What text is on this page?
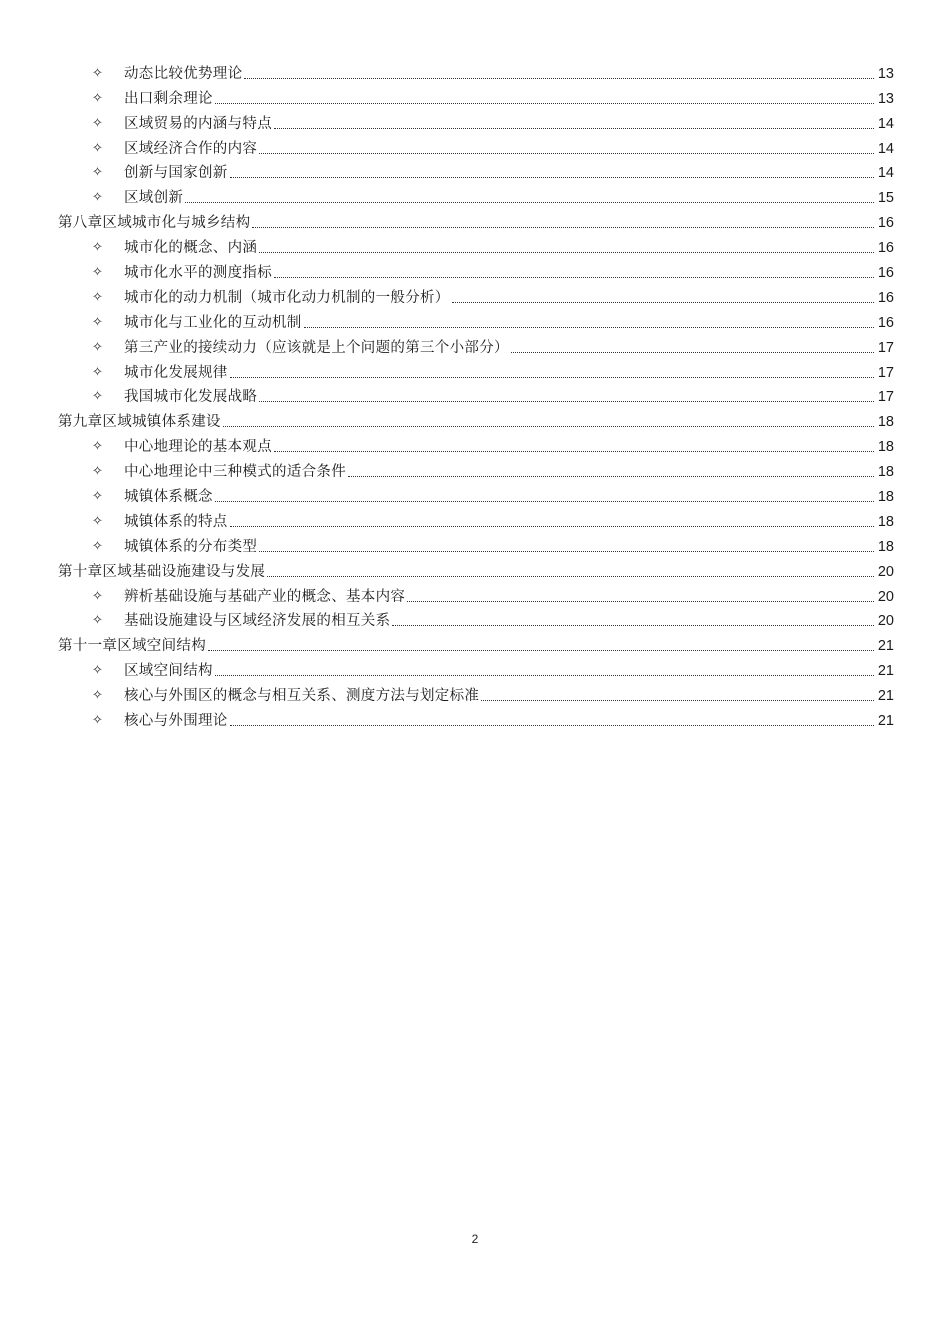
✧	动态比较优势理论	13
✧	出口剩余理论	13
✧	区域贸易的内涵与特点	14
✧	区域经济合作的内容	14
✧	创新与国家创新	14
✧	区域创新	15
第八章区域城市化与城乡结构	16
✧	城市化的概念、内涵	16
✧	城市化水平的测度指标	16
✧	城市化的动力机制（城市化动力机制的一般分析）	16
✧	城市化与工业化的互动机制	16
✧	第三产业的接续动力（应该就是上个问题的第三个小部分）	17
✧	城市化发展规律	17
✧	我国城市化发展战略	17
第九章区域城镇体系建设	18
✧	中心地理论的基本观点	18
✧	中心地理论中三种模式的适合条件	18
✧	城镇体系概念	18
✧	城镇体系的特点	18
✧	城镇体系的分布类型	18
第十章区域基础设施建设与发展	20
✧	辨析基础设施与基础产业的概念、基本内容	20
✧	基础设施建设与区域经济发展的相互关系	20
第十一章区域空间结构	21
✧	区域空间结构	21
✧	核心与外围区的概念与相互关系、测度方法与划定标准	21
✧	核心与外围理论	21
2
